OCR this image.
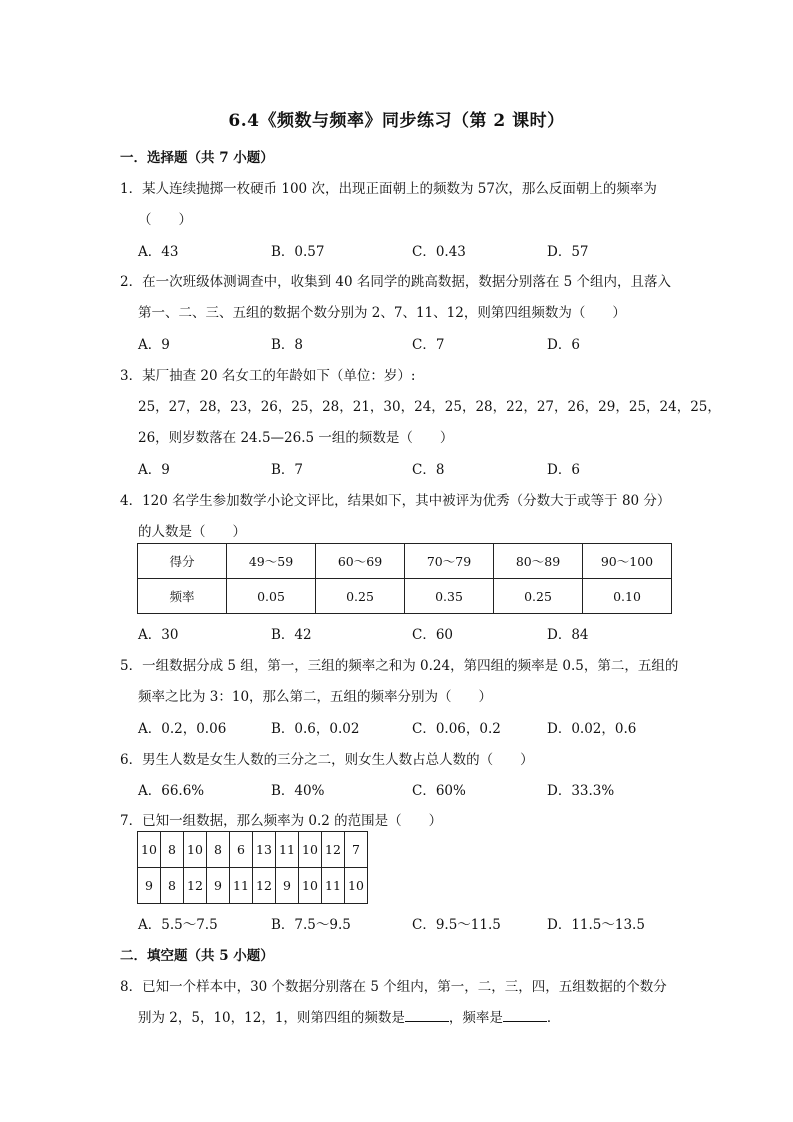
6.4《频数与频率》同步练习（第 2 课时）
一．选择题（共 7 小题）
1．某人连续抛掷一枚硬币 100 次，出现正面朝上的频数为 57次，那么反面朝上的频率为
（　　）
A．43	B．0.57	C．0.43	D．57
2．在一次班级体测调查中，收集到 40 名同学的跳高数据，数据分别落在 5 个组内，且落入
第一、二、三、五组的数据个数分别为 2、7、11、12，则第四组频数为（　　）
A．9	B．8	C．7	D．6
3．某厂抽查 20 名女工的年龄如下（单位：岁）:
25，27，28，23，26，25，28，21，30，24，25，28，22，27，26，29，25，24，25，
26，则岁数落在 24.5—26.5 一组的频数是（　　）
A．9	B．7	C．8	D．6
4．120 名学生参加数学小论文评比，结果如下，其中被评为优秀（分数大于或等于 80 分）
的人数是（　　）
得分	49～59	60～69	70～79	80～89	90～100
频率	0.05	0.25	0.35	0.25	0.10
A．30	B．42	C．60	D．84
5．一组数据分成 5 组，第一，三组的频率之和为 0.24，第四组的频率是 0.5，第二，五组的
频率之比为 3：10，那么第二，五组的频率分别为（　　）
A．0.2，0.06	B．0.6，0.02	C．0.06，0.2	D．0.02，0.6
6．男生人数是女生人数的三分之二，则女生人数占总人数的（　　）
A．66.6%	B．40%	C．60%	D．33.3%
7．已知一组数据，那么频率为 0.2 的范围是（　　）
10	8	10	8	6	13	11	10	12	7
9	8	12	9	11	12	9	10	11	10
A．5.5～7.5	B．7.5～9.5	C．9.5～11.5	D．11.5～13.5
二．填空题（共 5 小题）
8．已知一个样本中，30 个数据分别落在 5 个组内，第一，二，三，四，五组数据的个数分
别为 2，5，10，12，1，则第四组的频数是	，频率是	．
